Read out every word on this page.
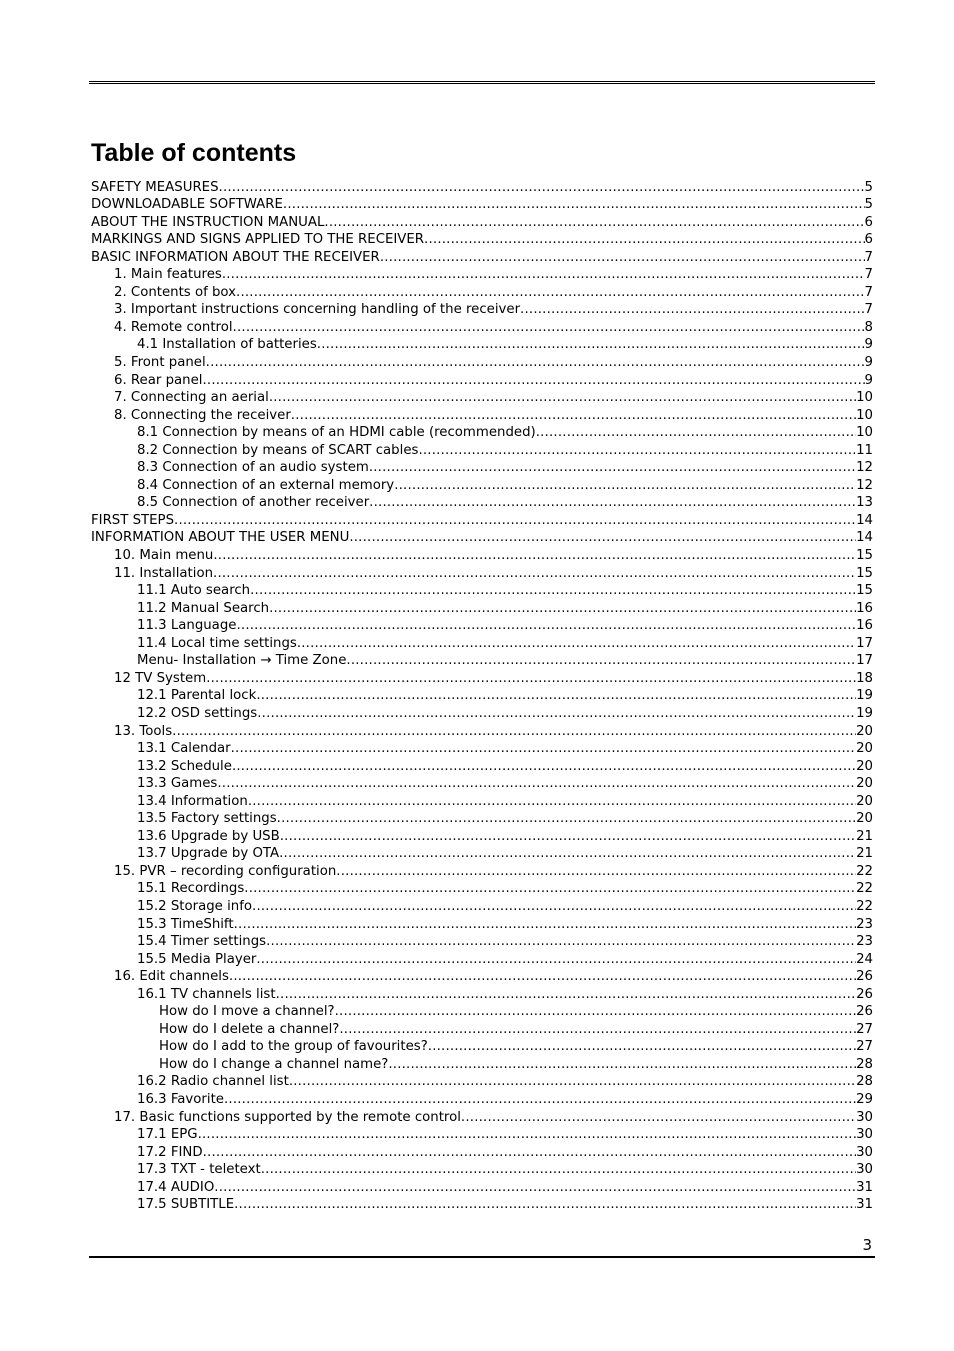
Table of contents
SAFETY MEASURES .....	5
DOWNLOADABLE SOFTWARE .....	5
ABOUT THE INSTRUCTION MANUAL .....	6
MARKINGS AND SIGNS APPLIED TO THE RECEIVER .....	6
BASIC INFORMATION ABOUT THE RECEIVER .....	7
1. Main features .....	7
2. Contents of box .....	7
3. Important instructions concerning handling of the receiver .....	7
4. Remote control .....	8
4.1 Installation of batteries .....	9
5. Front panel .....	9
6. Rear panel .....	9
7. Connecting an aerial .....	10
8. Connecting the receiver .....	10
8.1 Connection by means of an HDMI cable (recommended) .....	10
8.2 Connection by means of SCART cables .....	11
8.3 Connection of an audio system .....	12
8.4 Connection of an external memory .....	12
8.5 Connection of another receiver .....	13
FIRST STEPS .....	14
INFORMATION ABOUT THE USER MENU .....	14
10. Main menu .....	15
11. Installation .....	15
11.1 Auto search .....	15
11.2 Manual Search .....	16
11.3 Language .....	16
11.4 Local time settings .....	17
Menu- Installation → Time Zone .....	17
12 TV System .....	18
12.1 Parental lock .....	19
12.2 OSD settings .....	19
13. Tools .....	20
13.1 Calendar .....	20
13.2 Schedule .....	20
13.3 Games .....	20
13.4 Information .....	20
13.5 Factory settings .....	20
13.6 Upgrade by USB .....	21
13.7 Upgrade by OTA .....	21
15. PVR – recording configuration .....	22
15.1 Recordings .....	22
15.2 Storage info .....	22
15.3 TimeShift .....	23
15.4 Timer settings .....	23
15.5 Media Player .....	24
16. Edit channels .....	26
16.1 TV channels list .....	26
How do I move a channel? .....	26
How do I delete a channel? .....	27
How do I add to the group of favourites? .....	27
How do I change a channel name? .....	28
16.2 Radio channel list .....	28
16.3 Favorite .....	29
17. Basic functions supported by the remote control .....	30
17.1 EPG .....	30
17.2 FIND .....	30
17.3 TXT - teletext .....	30
17.4 AUDIO .....	31
17.5 SUBTITLE .....	31
3
